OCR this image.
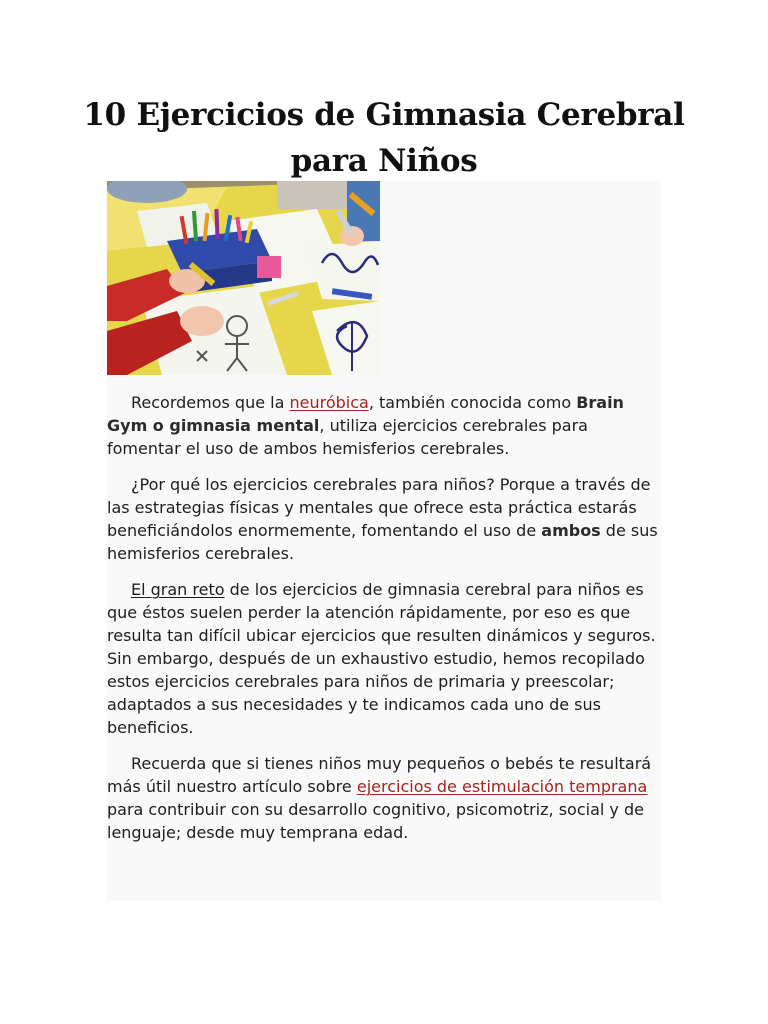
10 Ejercicios de Gimnasia Cerebral
para Niños

Recordemos que la neuróbica, también conocida como Brain Gym o gimnasia mental, utiliza ejercicios cerebrales para fomentar el uso de ambos hemisferios cerebrales.

¿Por qué los ejercicios cerebrales para niños? Porque a través de las estrategias físicas y mentales que ofrece esta práctica estarás beneficiándolos enormemente, fomentando el uso de ambos de sus hemisferios cerebrales.

El gran reto de los ejercicios de gimnasia cerebral para niños es que éstos suelen perder la atención rápidamente, por eso es que resulta tan difícil ubicar ejercicios que resulten dinámicos y seguros. Sin embargo, después de un exhaustivo estudio, hemos recopilado estos ejercicios cerebrales para niños de primaria y preescolar; adaptados a sus necesidades y te indicamos cada uno de sus beneficios.

Recuerda que si tienes niños muy pequeños o bebés te resultará más útil nuestro artículo sobre ejercicios de estimulación temprana para contribuir con su desarrollo cognitivo, psicomotriz, social y de lenguaje; desde muy temprana edad.
